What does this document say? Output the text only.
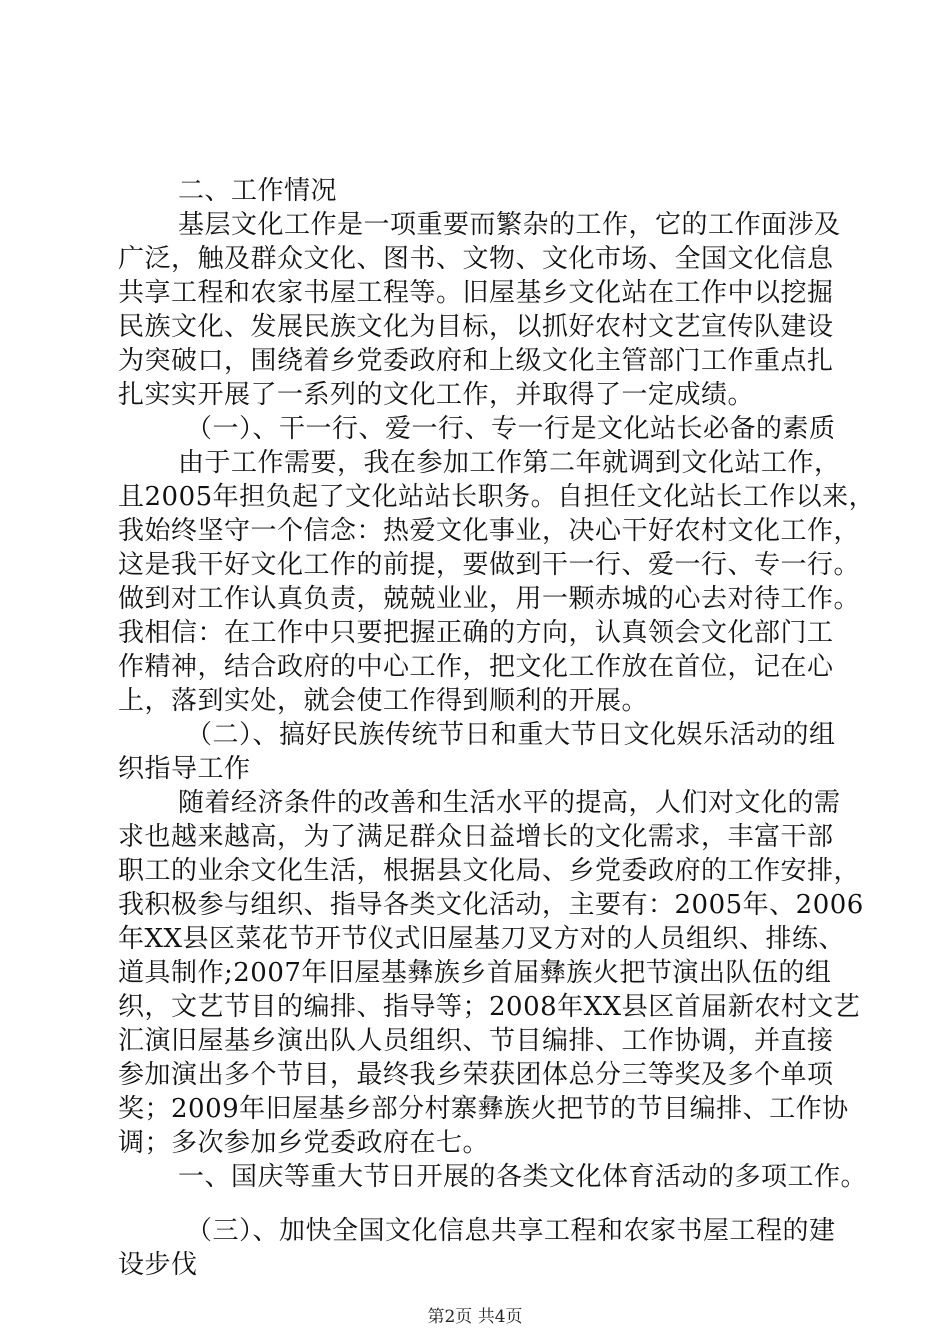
二、工作情况
基层文化工作是一项重要而繁杂的工作，它的工作面涉及
广泛，触及群众文化、图书、文物、文化市场、全国文化信息
共享工程和农家书屋工程等。旧屋基乡文化站在工作中以挖掘
民族文化、发展民族文化为目标，以抓好农村文艺宣传队建设
为突破口，围绕着乡党委政府和上级文化主管部门工作重点扎
扎实实开展了一系列的文化工作，并取得了一定成绩。
（一）、干一行、爱一行、专一行是文化站长必备的素质
由于工作需要，我在参加工作第二年就调到文化站工作，
且2005年担负起了文化站站长职务。自担任文化站长工作以来，
我始终坚守一个信念：热爱文化事业，决心干好农村文化工作，
这是我干好文化工作的前提，要做到干一行、爱一行、专一行。
做到对工作认真负责，兢兢业业，用一颗赤城的心去对待工作。
我相信：在工作中只要把握正确的方向，认真领会文化部门工
作精神，结合政府的中心工作，把文化工作放在首位，记在心
上，落到实处，就会使工作得到顺利的开展。
（二）、搞好民族传统节日和重大节日文化娱乐活动的组
织指导工作
随着经济条件的改善和生活水平的提高，人们对文化的需
求也越来越高，为了满足群众日益增长的文化需求，丰富干部
职工的业余文化生活，根据县文化局、乡党委政府的工作安排，
我积极参与组织、指导各类文化活动，主要有：2005年、2006
年XX县区菜花节开节仪式旧屋基刀叉方对的人员组织、排练、
道具制作;2007年旧屋基彝族乡首届彝族火把节演出队伍的组
织，文艺节目的编排、指导等；2008年XX县区首届新农村文艺
汇演旧屋基乡演出队人员组织、节目编排、工作协调，并直接
参加演出多个节目，最终我乡荣获团体总分三等奖及多个单项
奖；2009年旧屋基乡部分村寨彝族火把节的节目编排、工作协
调；多次参加乡党委政府在七。
一、国庆等重大节日开展的各类文化体育活动的多项工作。
（三）、加快全国文化信息共享工程和农家书屋工程的建
设步伐
第2页 共4页
